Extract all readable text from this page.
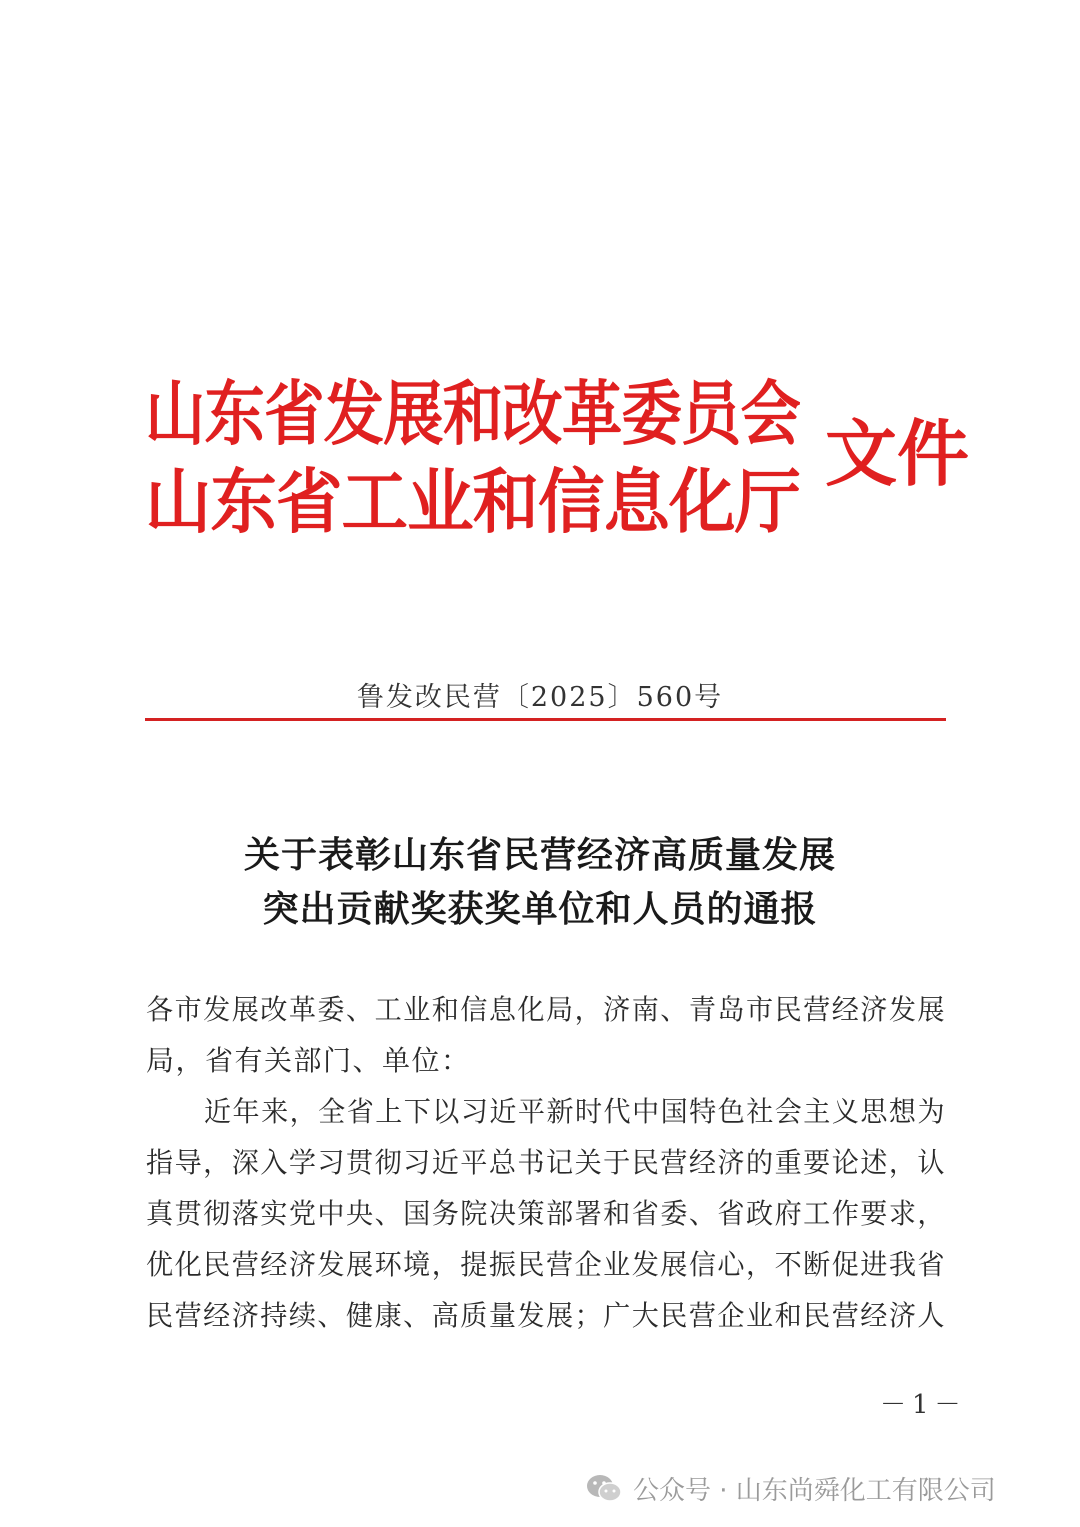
山东省发展和改革委员会
山东省工业和信息化厅
文件
鲁发改民营〔2025〕560号
关于表彰山东省民营经济高质量发展
突出贡献奖获奖单位和人员的通报
各市发展改革委、工业和信息化局，济南、青岛市民营经济发展
局，省有关部门、单位：
近年来，全省上下以习近平新时代中国特色社会主义思想为
指导，深入学习贯彻习近平总书记关于民营经济的重要论述，认
真贯彻落实党中央、国务院决策部署和省委、省政府工作要求，
优化民营经济发展环境，提振民营企业发展信心，不断促进我省
民营经济持续、健康、高质量发展；广大民营企业和民营经济人
－1－
公众号 · 山东尚舜化工有限公司
